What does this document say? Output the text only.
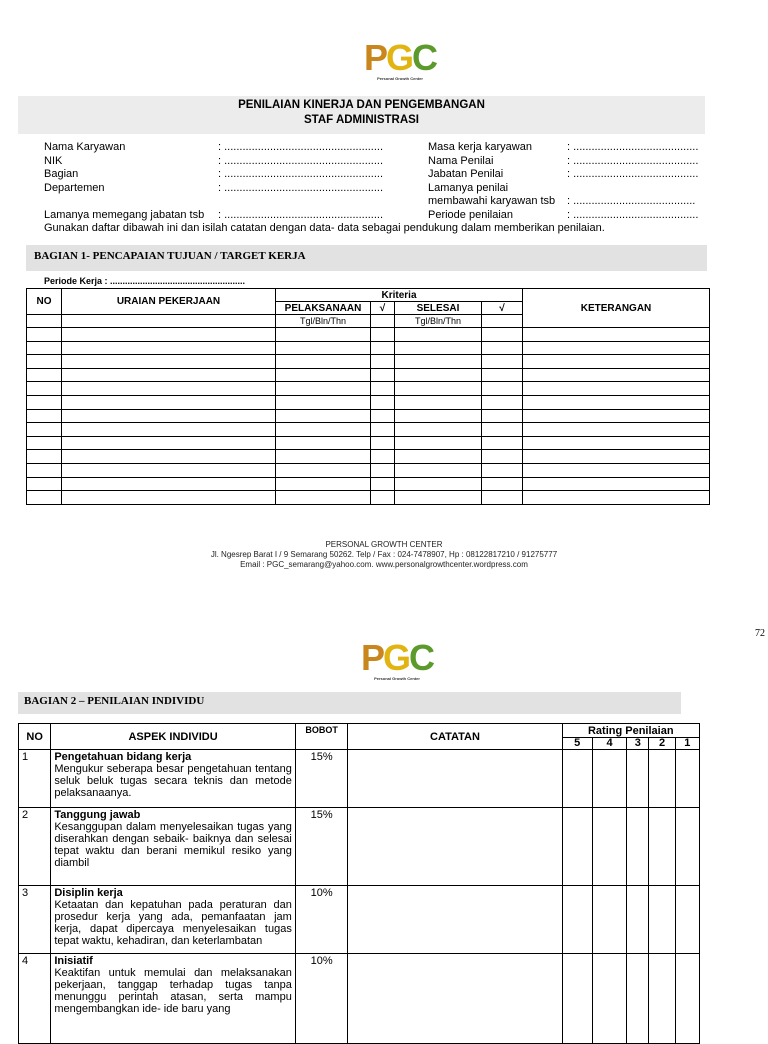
PGC
Personal Growth Center
PENILAIAN KINERJA DAN PENGEMBANGAN
STAF ADMINISTRASI
Nama Karyawan	: ....................................................
NIK	: ....................................................
Bagian	: ....................................................
Departemen	: ....................................................

Lamanya memegang jabatan tsb : ....................................................
Masa kerja karyawan	: .........................................
Nama Penilai	: .........................................
Jabatan Penilai	: .........................................
Lamanya penilai
membawahi karyawan tsb : ........................................
Periode penilaian	: .........................................
Gunakan daftar dibawah ini dan isilah catatan dengan data- data sebagai pendukung dalam memberikan penilaian.
BAGIAN 1- PENCAPAIAN TUJUAN / TARGET KERJA
Periode Kerja : ......................................................
NO	URAIAN PEKERJAAN	Kriteria				KETERANGAN
		PELAKSANAAN	√	SELESAI	√	
		Tgl/Bln/Thn		Tgl/Bln/Thn		

PERSONAL GROWTH CENTER
Jl. Ngesrep Barat I / 9 Semarang 50262. Telp / Fax : 024-7478907, Hp : 08122817210 / 91275777
Email : PGC_semarang@yahoo.com. www.personalgrowthcenter.wordpress.com
72
PGC
Personal Growth Center
BAGIAN 2 – PENILAIAN INDIVIDU
NO	ASPEK INDIVIDU	BOBOT	CATATAN	Rating Penilaian				
				5	4	3	2	1
1	Pengetahuan bidang kerja
Mengukur seberapa besar pengetahuan tentang seluk beluk tugas secara teknis dan metode pelaksanaanya.	15%						
2	Tanggung jawab
Kesanggupan dalam menyelesaikan tugas yang diserahkan dengan sebaik- baiknya dan selesai tepat waktu dan berani memikul resiko yang diambil	15%						
3	Disiplin kerja
Ketaatan dan kepatuhan pada peraturan dan prosedur kerja yang ada, pemanfaatan jam kerja, dapat dipercaya menyelesaikan tugas tepat waktu, kehadiran, dan keterlambatan	10%						
4	Inisiatif
Keaktifan untuk memulai dan melaksanakan pekerjaan, tanggap terhadap tugas tanpa menunggu perintah atasan, serta mampu mengembangkan ide- ide baru yang	10%						
